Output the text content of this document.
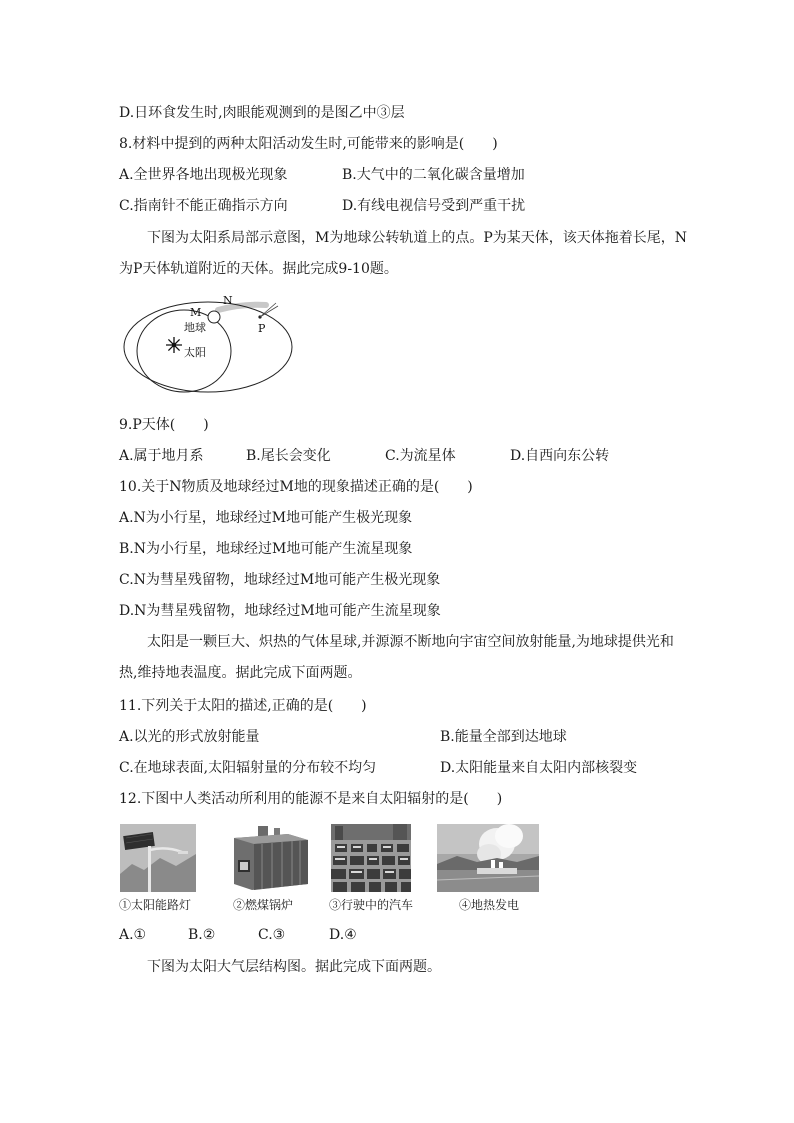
D.日环食发生时,肉眼能观测到的是图乙中③层
8.材料中提到的两种太阳活动发生时,可能带来的影响是(　　)
A.全世界各地出现极光现象	B.大气中的二氧化碳含量增加
C.指南针不能正确指示方向	D.有线电视信号受到严重干扰
下图为太阳系局部示意图，M为地球公转轨道上的点。P为某天体，该天体拖着长尾，N
为P天体轨道附近的天体。据此完成9-10题。
N
M
地球	P
太阳
9.P天体(　　)
A.属于地月系	B.尾长会变化	C.为流星体	D.自西向东公转
10.关于N物质及地球经过M地的现象描述正确的是(　　)
A.N为小行星，地球经过M地可能产生极光现象
B.N为小行星，地球经过M地可能产生流星现象
C.N为彗星残留物，地球经过M地可能产生极光现象
D.N为彗星残留物，地球经过M地可能产生流星现象
太阳是一颗巨大、炽热的气体星球,并源源不断地向宇宙空间放射能量,为地球提供光和
热,维持地表温度。据此完成下面两题。
11.下列关于太阳的描述,正确的是(　　)
A.以光的形式放射能量	B.能量全部到达地球
C.在地球表面,太阳辐射量的分布较不均匀	D.太阳能量来自太阳内部核裂变
12.下图中人类活动所利用的能源不是来自太阳辐射的是(　　)
①太阳能路灯	②燃煤锅炉	③行驶中的汽车	④地热发电
A.①	B.②	C.③	D.④
下图为太阳大气层结构图。据此完成下面两题。
